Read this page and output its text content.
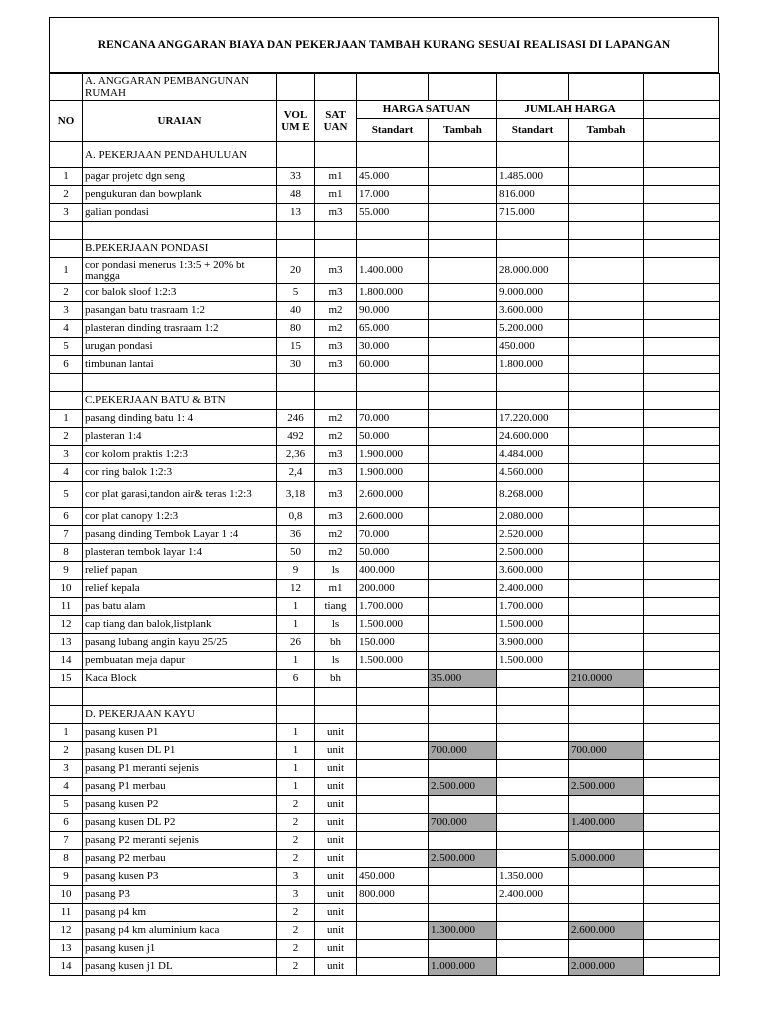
RENCANA ANGGARAN BIAYA DAN PEKERJAAN TAMBAH KURANG SESUAI REALISASI DI LAPANGAN
	A. ANGGARAN PEMBANGUNAN RUMAH							
NO	URAIAN	VOL UM E	SAT UAN	HARGA SATUAN		JUMLAH HARGA		
				Standart	Tambah	Standart	Tambah	
	A. PEKERJAAN PENDAHULUAN							
1	pagar projetc dgn seng	33	m1	45.000		1.485.000		
2	pengukuran dan bowplank	48	m1	17.000		816.000		
3	galian pondasi	13	m3	55.000		715.000		

	B.PEKERJAAN PONDASI							
1	cor pondasi menerus 1:3:5 + 20% bt mangga	20	m3	1.400.000		28.000.000		
2	cor balok sloof 1:2:3	5	m3	1.800.000		9.000.000		
3	pasangan batu trasraam 1:2	40	m2	90.000		3.600.000		
4	plasteran dinding trasraam 1:2	80	m2	65.000		5.200.000		
5	urugan pondasi	15	m3	30.000		450.000		
6	timbunan lantai	30	m3	60.000		1.800.000		

	C.PEKERJAAN BATU & BTN							
1	pasang dinding batu 1: 4	246	m2	70.000		17.220.000		
2	plasteran 1:4	492	m2	50.000		24.600.000		
3	cor kolom praktis 1:2:3	2,36	m3	1.900.000		4.484.000		
4	cor ring balok 1:2:3	2,4	m3	1.900.000		4.560.000		
5	cor plat garasi,tandon air& teras 1:2:3	3,18	m3	2.600.000		8.268.000		
6	cor plat canopy 1:2:3	0,8	m3	2.600.000		2.080.000		
7	pasang dinding Tembok Layar 1 :4	36	m2	70.000		2.520.000		
8	plasteran tembok layar 1:4	50	m2	50.000		2.500.000		
9	relief papan	9	ls	400.000		3.600.000		
10	relief kepala	12	m1	200.000		2.400.000		
11	pas batu alam	1	tiang	1.700.000		1.700.000		
12	cap tiang dan balok,listplank	1	ls	1.500.000		1.500.000		
13	pasang lubang angin kayu 25/25	26	bh	150.000		3.900.000		
14	pembuatan meja dapur	1	ls	1.500.000		1.500.000		
15	Kaca Block	6	bh		35.000		210.0000	

	D. PEKERJAAN KAYU							
1	pasang kusen P1	1	unit					
2	pasang kusen DL P1	1	unit		700.000		700.000	
3	pasang P1 meranti sejenis	1	unit					
4	pasang P1 merbau	1	unit		2.500.000		2.500.000	
5	pasang kusen P2	2	unit					
6	pasang kusen DL P2	2	unit		700.000		1.400.000	
7	pasang P2 meranti sejenis	2	unit					
8	pasang P2 merbau	2	unit		2.500.000		5.000.000	
9	pasang kusen P3	3	unit	450.000		1.350.000		
10	pasang P3	3	unit	800.000		2.400.000		
11	pasang p4 km	2	unit					
12	pasang p4 km aluminium kaca	2	unit		1.300.000		2.600.000	
13	pasang kusen j1	2	unit					
14	pasang kusen j1 DL	2	unit		1.000.000		2.000.000	
